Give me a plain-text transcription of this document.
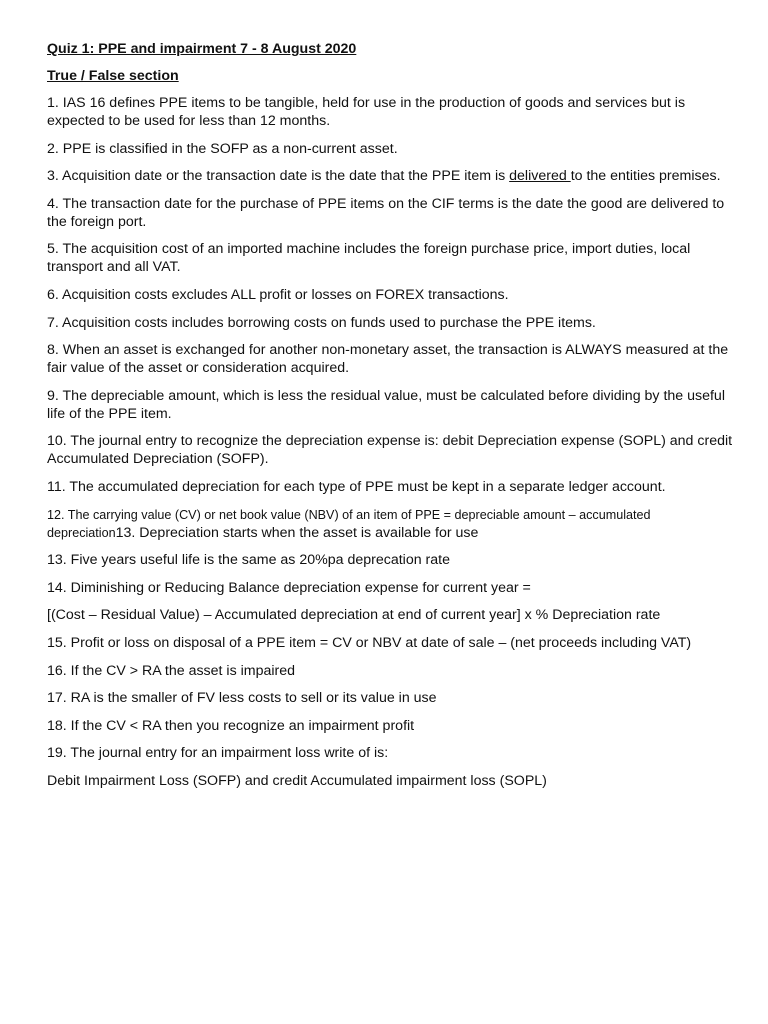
Quiz 1: PPE and impairment 7 - 8 August 2020
True / False section
1. IAS 16 defines PPE items to be tangible, held for use in the production of goods and services but is expected to be used for less than 12 months.
2. PPE is classified in the SOFP as a non-current asset.
3. Acquisition date or the transaction date is the date that the PPE item is delivered to the entities premises.
4. The transaction date for the purchase of PPE items on the CIF terms is the date the good are delivered to the foreign port.
5. The acquisition cost of an imported machine includes the foreign purchase price, import duties, local transport and all VAT.
6. Acquisition costs excludes ALL profit or losses on FOREX transactions.
7. Acquisition costs includes borrowing costs on funds used to purchase the PPE items.
8. When an asset is exchanged for another non-monetary asset, the transaction is ALWAYS measured at the fair value of the asset or consideration acquired.
9. The depreciable amount, which is less the residual value, must be calculated before dividing by the useful life of the PPE item.
10. The journal entry to recognize the depreciation expense is: debit Depreciation expense (SOPL) and credit Accumulated Depreciation (SOFP).
11. The accumulated depreciation for each type of PPE must be kept in a separate ledger account.
12. The carrying value (CV) or net book value (NBV) of an item of PPE = depreciable amount – accumulated depreciation13. Depreciation starts when the asset is available for use
13. Five years useful life is the same as 20%pa deprecation rate
14. Diminishing or Reducing Balance depreciation expense for current year =
[(Cost – Residual Value) – Accumulated depreciation at end of current year] x % Depreciation rate
15. Profit or loss on disposal of a PPE item = CV or NBV at date of sale – (net proceeds including VAT)
16. If the CV > RA the asset is impaired
17. RA is the smaller of FV less costs to sell or its value in use
18. If the CV < RA then you recognize an impairment profit
19. The journal entry for an impairment loss write of is:
Debit Impairment Loss (SOFP) and credit Accumulated impairment loss (SOPL)
